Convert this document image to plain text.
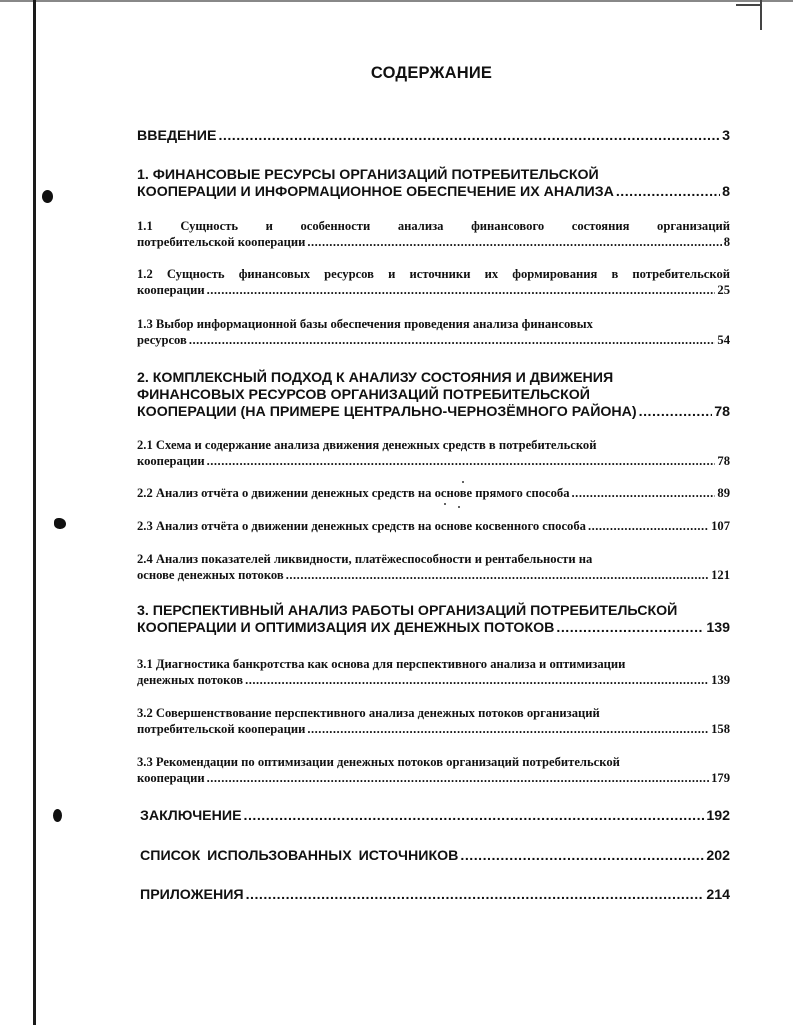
СОДЕРЖАНИЕ
ВВЕДЕНИЕ .....	3
1. ФИНАНСОВЫЕ РЕСУРСЫ ОРГАНИЗАЦИЙ ПОТРЕБИТЕЛЬСКОЙ
КООПЕРАЦИИ И ИНФОРМАЦИОННОЕ ОБЕСПЕЧЕНИЕ ИХ АНАЛИЗА .....	8
1.1 Сущность и особенности анализа финансового состояния организаций
потребительской кооперации .....	8
1.2 Сущность финансовых ресурсов и источники их формирования в потребительской
кооперации .....	25
1.3 Выбор информационной базы обеспечения проведения анализа финансовых
ресурсов .....	54
2. КОМПЛЕКСНЫЙ ПОДХОД К АНАЛИЗУ СОСТОЯНИЯ И ДВИЖЕНИЯ
ФИНАНСОВЫХ РЕСУРСОВ ОРГАНИЗАЦИЙ ПОТРЕБИТЕЛЬСКОЙ
КООПЕРАЦИИ (НА ПРИМЕРЕ ЦЕНТРАЛЬНО-ЧЕРНОЗЁМНОГО РАЙОНА) .....	78
2.1 Схема и содержание анализа движения денежных средств в потребительской
кооперации .....	78
2.2 Анализ отчёта о движении денежных средств на основе прямого способа .....	89
2.3 Анализ отчёта о движении денежных средств на основе косвенного способа .....	107
2.4 Анализ показателей ликвидности, платёжеспособности и рентабельности на
основе денежных потоков .....	121
3. ПЕРСПЕКТИВНЫЙ АНАЛИЗ РАБОТЫ ОРГАНИЗАЦИЙ ПОТРЕБИТЕЛЬСКОЙ
КООПЕРАЦИИ И ОПТИМИЗАЦИЯ ИХ ДЕНЕЖНЫХ ПОТОКОВ .....	139
3.1 Диагностика банкротства как основа для перспективного анализа и оптимизации
денежных потоков .....	139
3.2 Совершенствование перспективного анализа денежных потоков организаций
потребительской кооперации .....	158
3.3 Рекомендации по оптимизации денежных потоков организаций потребительской
кооперации .....	179
ЗАКЛЮЧЕНИЕ .....	192
СПИСОК ИСПОЛЬЗОВАННЫХ ИСТОЧНИКОВ .....	202
ПРИЛОЖЕНИЯ .....	214
